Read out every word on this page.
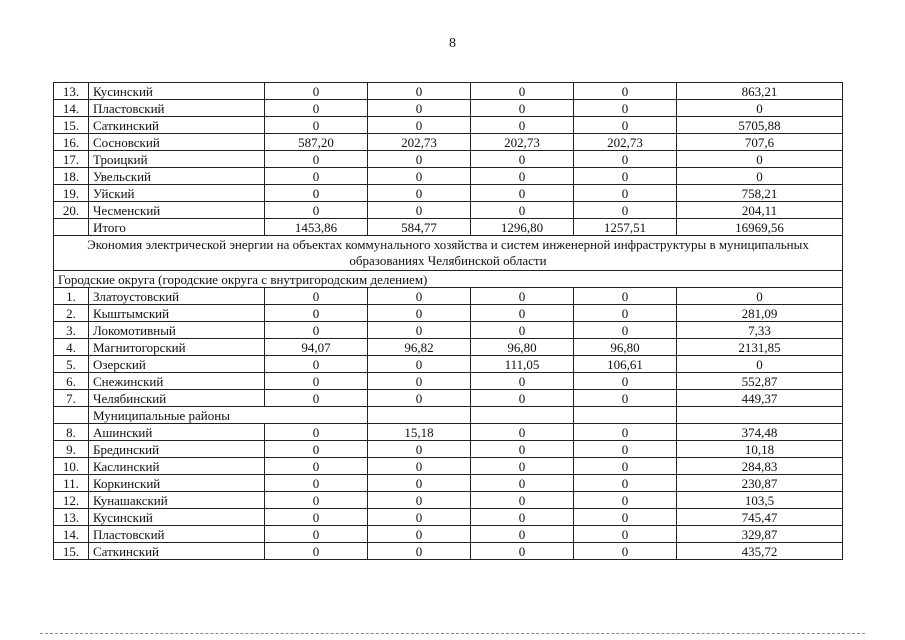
8
13.	Кусинский	0	0	0	0	863,21
14.	Пластовский	0	0	0	0	0
15.	Саткинский	0	0	0	0	5705,88
16.	Сосновский	587,20	202,73	202,73	202,73	707,6
17.	Троицкий	0	0	0	0	0
18.	Увельский	0	0	0	0	0
19.	Уйский	0	0	0	0	758,21
20.	Чесменский	0	0	0	0	204,11
	Итого	1453,86	584,77	1296,80	1257,51	16969,56
Экономия электрической энергии на объектах коммунального хозяйства и систем инженерной инфраструктуры в муниципальных образованиях Челябинской области						
Городские округа (городские округа с внутригородским делением)						
1.	Златоустовский	0	0	0	0	0
2.	Кыштымский	0	0	0	0	281,09
3.	Локомотивный	0	0	0	0	7,33
4.	Магнитогорский	94,07	96,82	96,80	96,80	2131,85
5.	Озерский	0	0	111,05	106,61	0
6.	Снежинский	0	0	0	0	552,87
7.	Челябинский	0	0	0	0	449,37
	Муниципальные районы					
8.	Ашинский	0	15,18	0	0	374,48
9.	Брединский	0	0	0	0	10,18
10.	Каслинский	0	0	0	0	284,83
11.	Коркинский	0	0	0	0	230,87
12.	Кунашакский	0	0	0	0	103,5
13.	Кусинский	0	0	0	0	745,47
14.	Пластовский	0	0	0	0	329,87
15.	Саткинский	0	0	0	0	435,72
